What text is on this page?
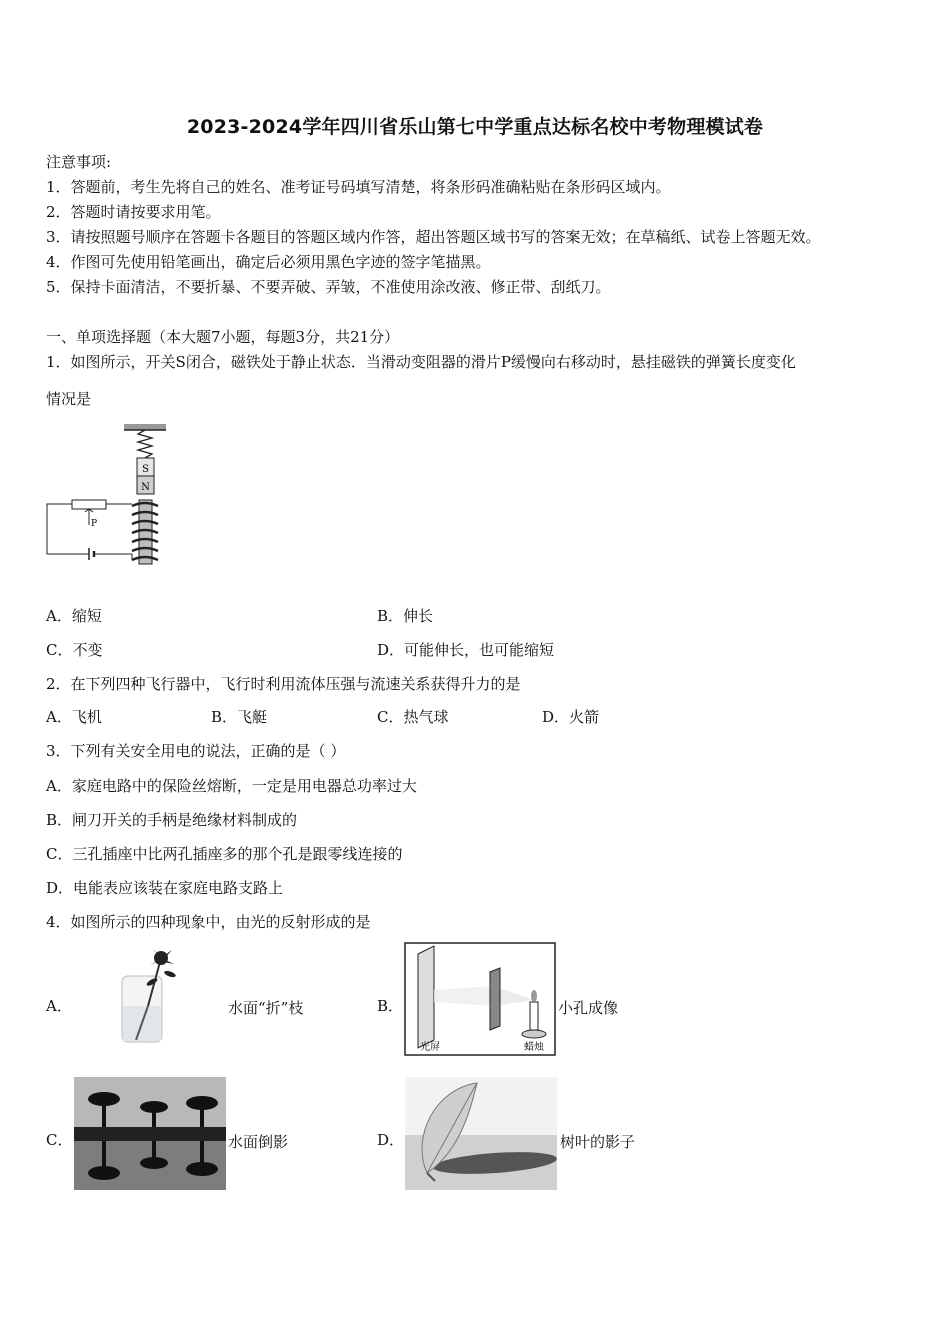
2023-2024学年四川省乐山第七中学重点达标名校中考物理模试卷
注意事项:
1．答题前，考生先将自己的姓名、准考证号码填写清楚，将条形码准确粘贴在条形码区域内。
2．答题时请按要求用笔。
3．请按照题号顺序在答题卡各题目的答题区域内作答，超出答题区域书写的答案无效；在草稿纸、试卷上答题无效。
4．作图可先使用铅笔画出，确定后必须用黑色字迹的签字笔描黑。
5．保持卡面清洁，不要折暴、不要弄破、弄皱，不准使用涂改液、修正带、刮纸刀。
一、单项选择题（本大题7小题，每题3分，共21分）
1．如图所示，开关S闭合，磁铁处于静止状态．当滑动变阻器的滑片P缓慢向右移动时，悬挂磁铁的弹簧长度变化
情况是
S
N
P
A．缩短	B．伸长
C．不变	D．可能伸长，也可能缩短
2．在下列四种飞行器中，飞行时利用流体压强与流速关系获得升力的是
A．飞机	B．飞艇	C．热气球	D．火箭
3．下列有关安全用电的说法，正确的是（ ）
A．家庭电路中的保险丝熔断，一定是用电器总功率过大
B．闸刀开关的手柄是绝缘材料制成的
C．三孔插座中比两孔插座多的那个孔是跟零线连接的
D．电能表应该装在家庭电路支路上
4．如图所示的四种现象中，由光的反射形成的是
A．	水面“折”枝	B．
光屏	蜡烛
小孔成像
C．	水面倒影	D．	树叶的影子
